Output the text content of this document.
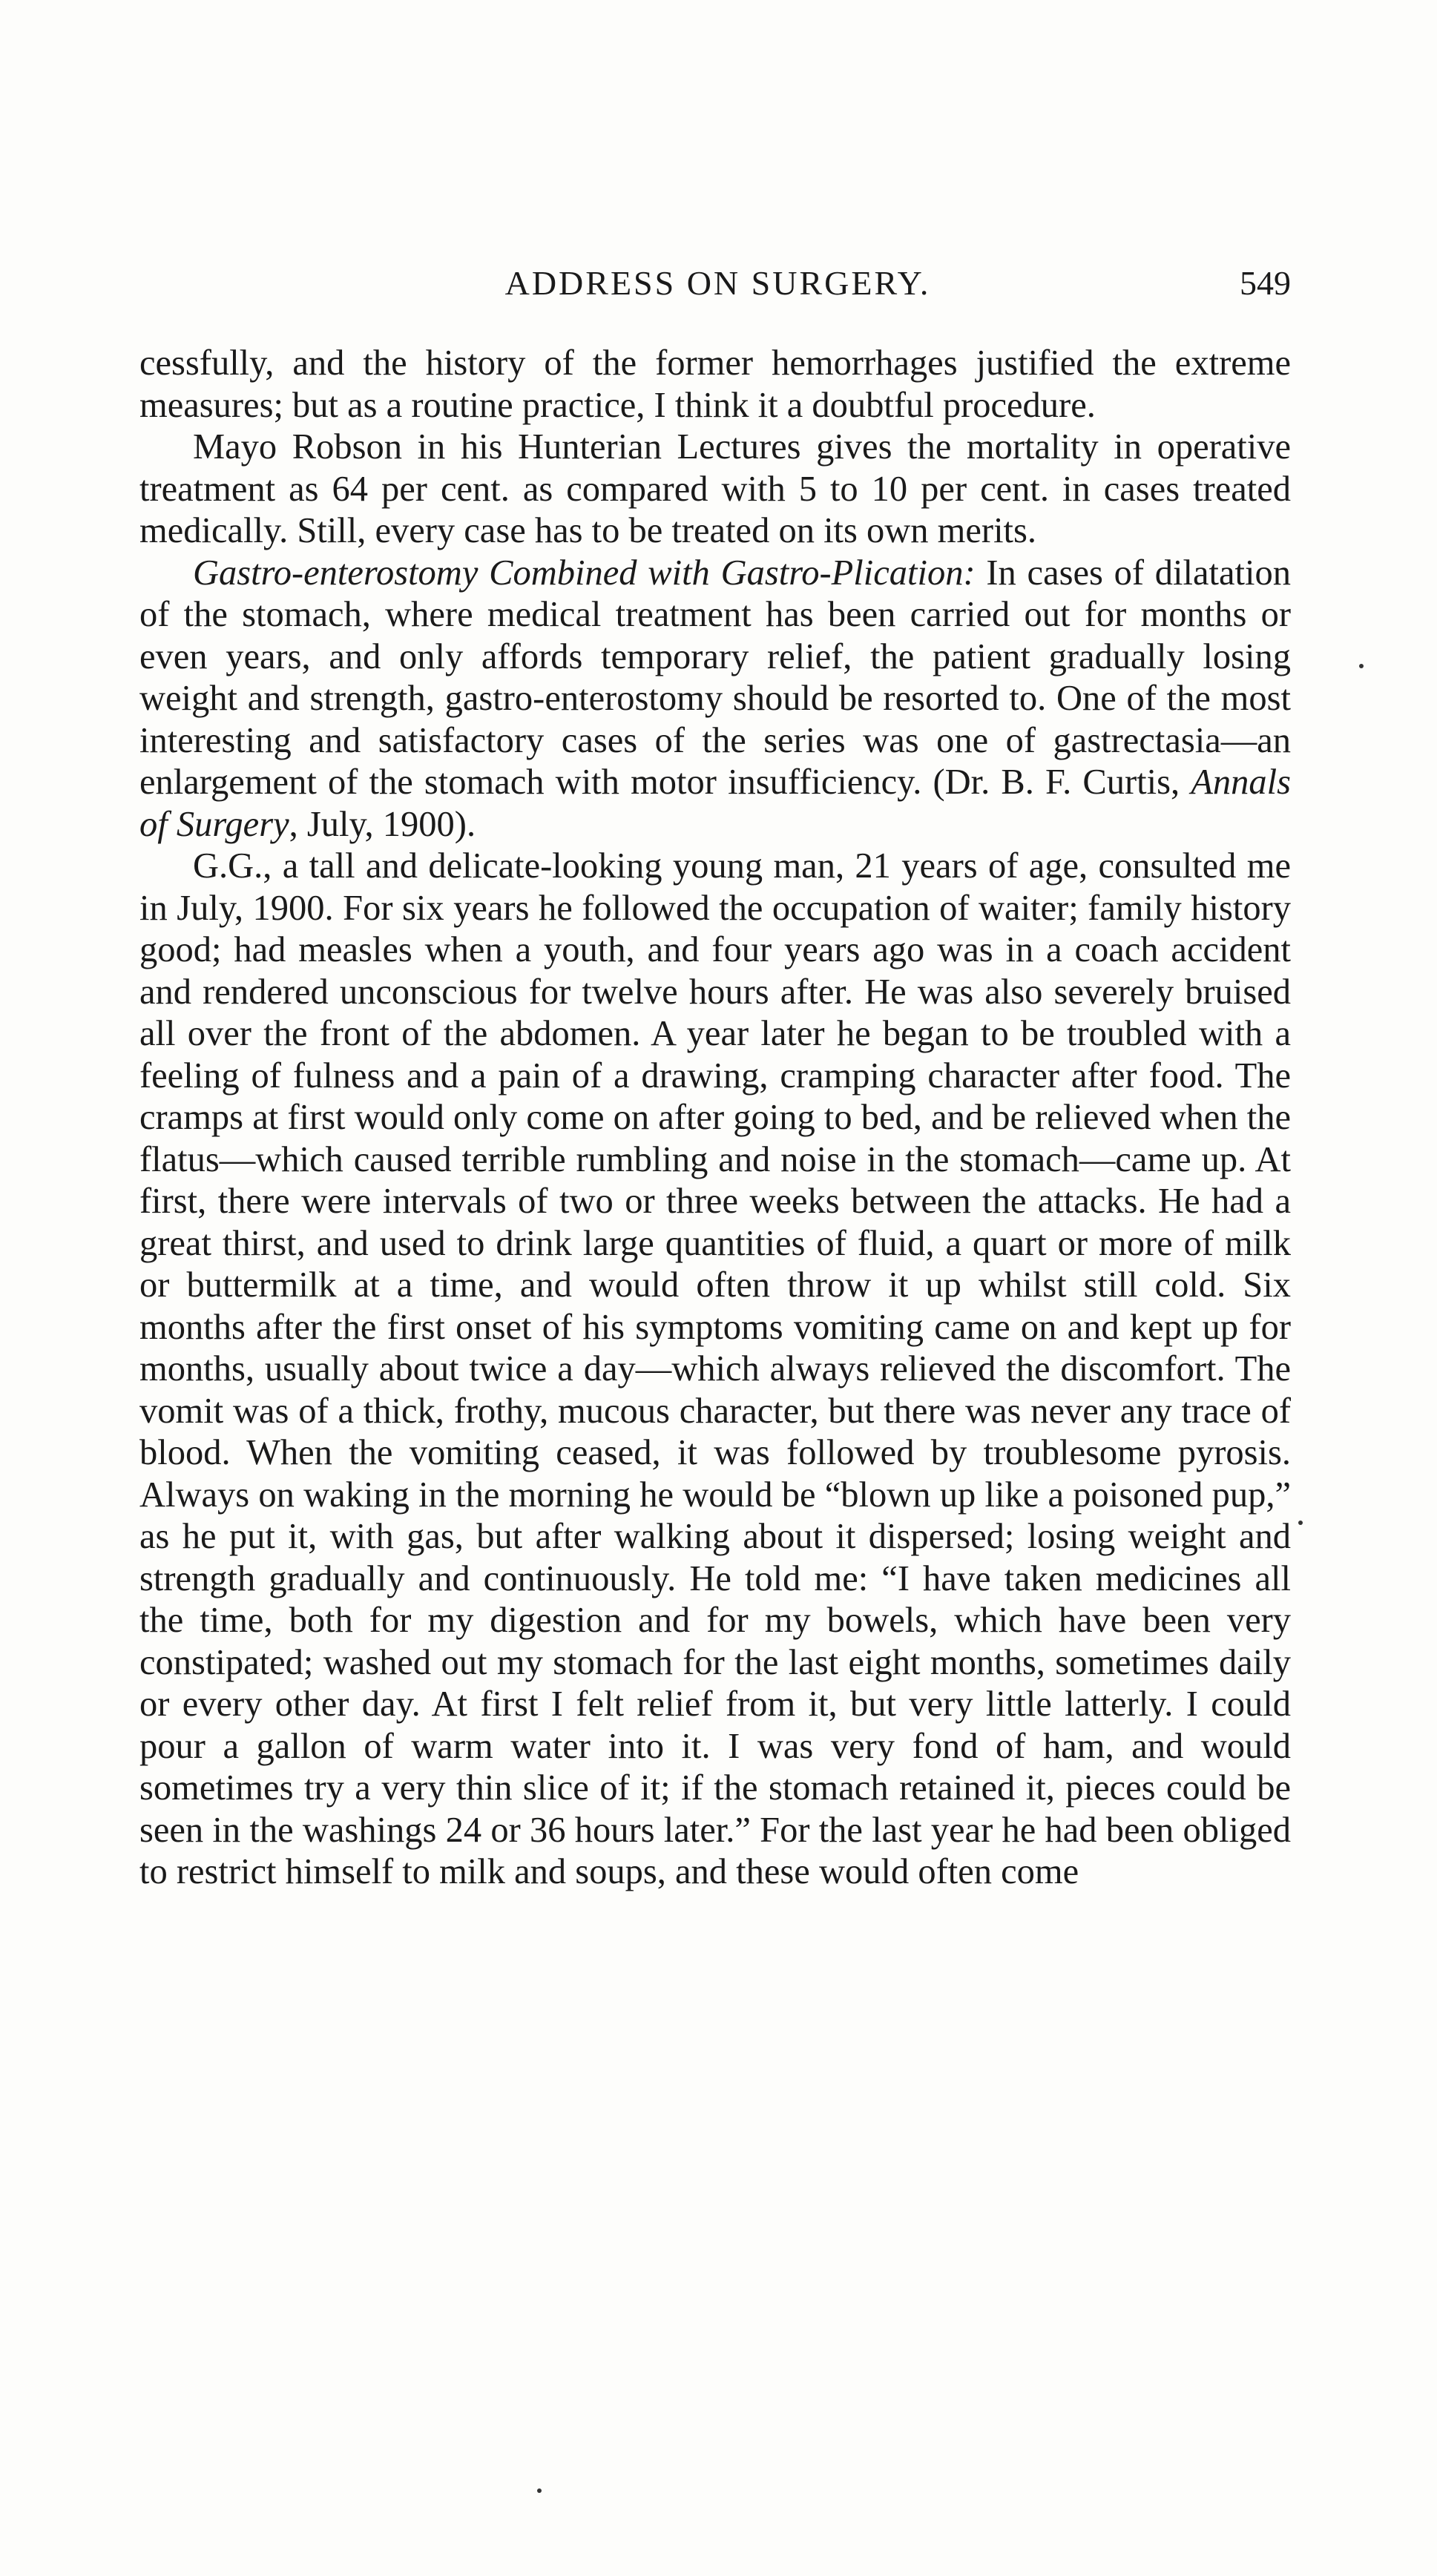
ADDRESS ON SURGERY.	549

cessfully, and the history of the former hemorrhages justified the extreme measures; but as a routine practice, I think it a doubtful procedure.

Mayo Robson in his Hunterian Lectures gives the mortality in operative treatment as 64 per cent. as compared with 5 to 10 per cent. in cases treated medically. Still, every case has to be treated on its own merits.

Gastro-enterostomy Combined with Gastro-Plication: In cases of dilatation of the stomach, where medical treatment has been carried out for months or even years, and only affords temporary relief, the patient gradually losing weight and strength, gastro-enterostomy should be resorted to. One of the most interesting and satisfactory cases of the series was one of gastrectasia—an enlargement of the stomach with motor insufficiency. (Dr. B. F. Curtis, Annals of Surgery, July, 1900).

G.G., a tall and delicate-looking young man, 21 years of age, consulted me in July, 1900. For six years he followed the occupation of waiter; family history good; had measles when a youth, and four years ago was in a coach accident and rendered unconscious for twelve hours after. He was also severely bruised all over the front of the abdomen. A year later he began to be troubled with a feeling of fulness and a pain of a drawing, cramping character after food. The cramps at first would only come on after going to bed, and be relieved when the flatus—which caused terrible rumbling and noise in the stomach—came up. At first, there were intervals of two or three weeks between the attacks. He had a great thirst, and used to drink large quantities of fluid, a quart or more of milk or buttermilk at a time, and would often throw it up whilst still cold. Six months after the first onset of his symptoms vomiting came on and kept up for months, usually about twice a day—which always relieved the discomfort. The vomit was of a thick, frothy, mucous character, but there was never any trace of blood. When the vomiting ceased, it was followed by troublesome pyrosis. Always on waking in the morning he would be “blown up like a poisoned pup,” as he put it, with gas, but after walking about it dispersed; losing weight and strength gradually and continuously. He told me: “I have taken medicines all the time, both for my digestion and for my bowels, which have been very constipated; washed out my stomach for the last eight months, sometimes daily or every other day. At first I felt relief from it, but very little latterly. I could pour a gallon of warm water into it. I was very fond of ham, and would sometimes try a very thin slice of it; if the stomach retained it, pieces could be seen in the washings 24 or 36 hours later.” For the last year he had been obliged to restrict himself to milk and soups, and these would often come
